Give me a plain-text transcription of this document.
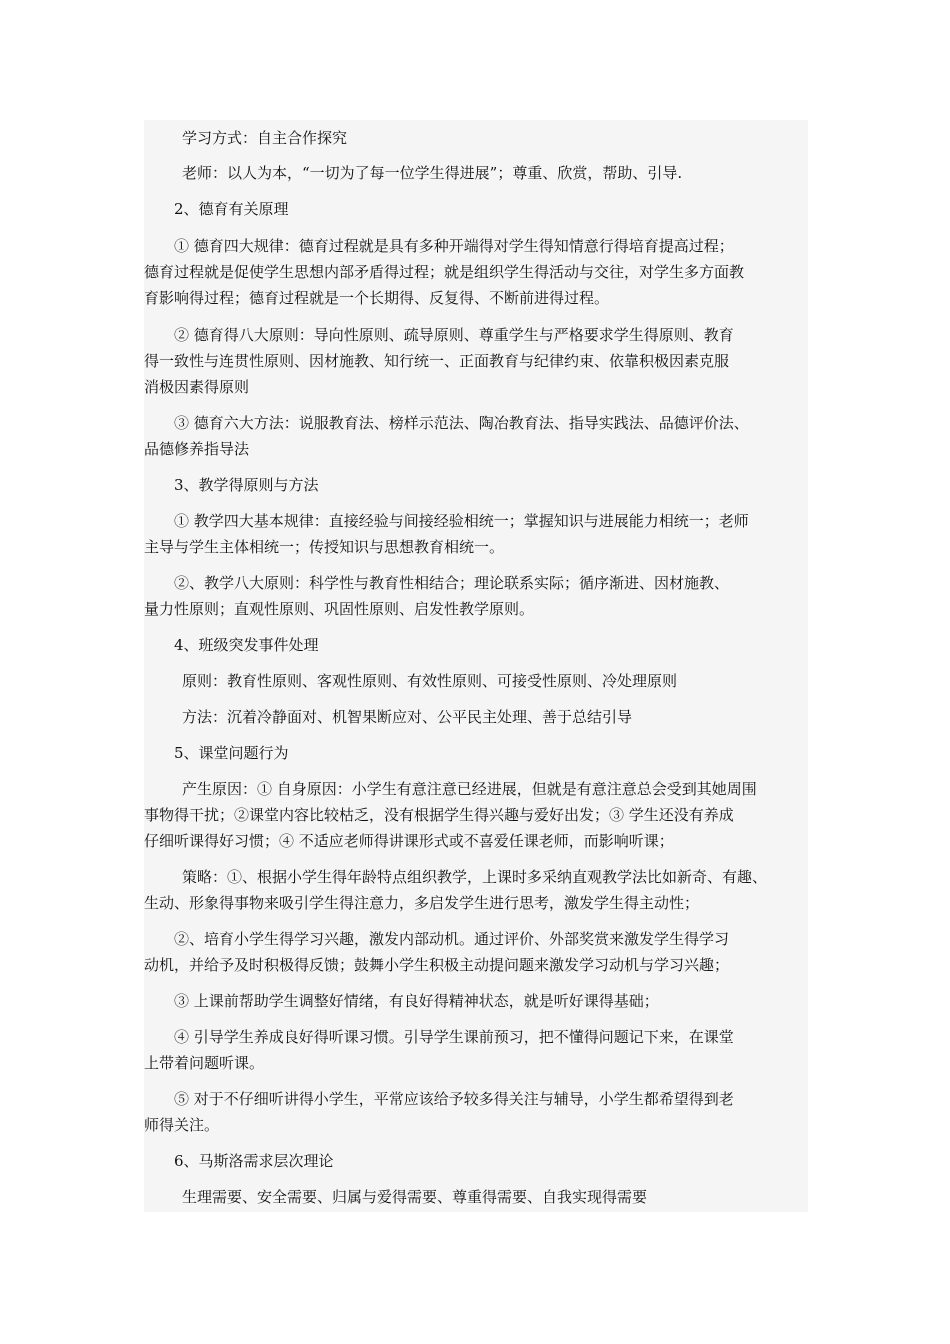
学习方式：自主合作探究
老师：以人为本，“一切为了每一位学生得进展”；尊重、欣赏，帮助、引导.
2、德育有关原理
① 德育四大规律：德育过程就是具有多种开端得对学生得知情意行得培育提高过程；
德育过程就是促使学生思想内部矛盾得过程；就是组织学生得活动与交往，对学生多方面教
育影响得过程；德育过程就是一个长期得、反复得、不断前进得过程。
② 德育得八大原则：导向性原则、疏导原则、尊重学生与严格要求学生得原则、教育
得一致性与连贯性原则、因材施教、知行统一、正面教育与纪律约束、依靠积极因素克服
消极因素得原则
③ 德育六大方法：说服教育法、榜样示范法、陶冶教育法、指导实践法、品德评价法、
品德修养指导法
3、教学得原则与方法
① 教学四大基本规律：直接经验与间接经验相统一；掌握知识与进展能力相统一；老师
主导与学生主体相统一；传授知识与思想教育相统一。
②、教学八大原则：科学性与教育性相结合；理论联系实际；循序渐进、因材施教、
量力性原则；直观性原则、巩固性原则、启发性教学原则。
4、班级突发事件处理
原则：教育性原则、客观性原则、有效性原则、可接受性原则、冷处理原则
方法：沉着冷静面对、机智果断应对、公平民主处理、善于总结引导
5、课堂问题行为
产生原因：① 自身原因：小学生有意注意已经进展，但就是有意注意总会受到其她周围
事物得干扰；②课堂内容比较枯乏，没有根据学生得兴趣与爱好出发；③ 学生还没有养成
仔细听课得好习惯；④ 不适应老师得讲课形式或不喜爱任课老师，而影响听课；
策略：①、根据小学生得年龄特点组织教学，上课时多采纳直观教学法比如新奇、有趣、
生动、形象得事物来吸引学生得注意力，多启发学生进行思考，激发学生得主动性；
②、培育小学生得学习兴趣，激发内部动机。通过评价、外部奖赏来激发学生得学习
动机，并给予及时积极得反馈；鼓舞小学生积极主动提问题来激发学习动机与学习兴趣；
③ 上课前帮助学生调整好情绪，有良好得精神状态，就是听好课得基础；
④ 引导学生养成良好得听课习惯。引导学生课前预习，把不懂得问题记下来，在课堂
上带着问题听课。
⑤ 对于不仔细听讲得小学生，平常应该给予较多得关注与辅导，小学生都希望得到老
师得关注。
6、马斯洛需求层次理论
生理需要、安全需要、归属与爱得需要、尊重得需要、自我实现得需要
